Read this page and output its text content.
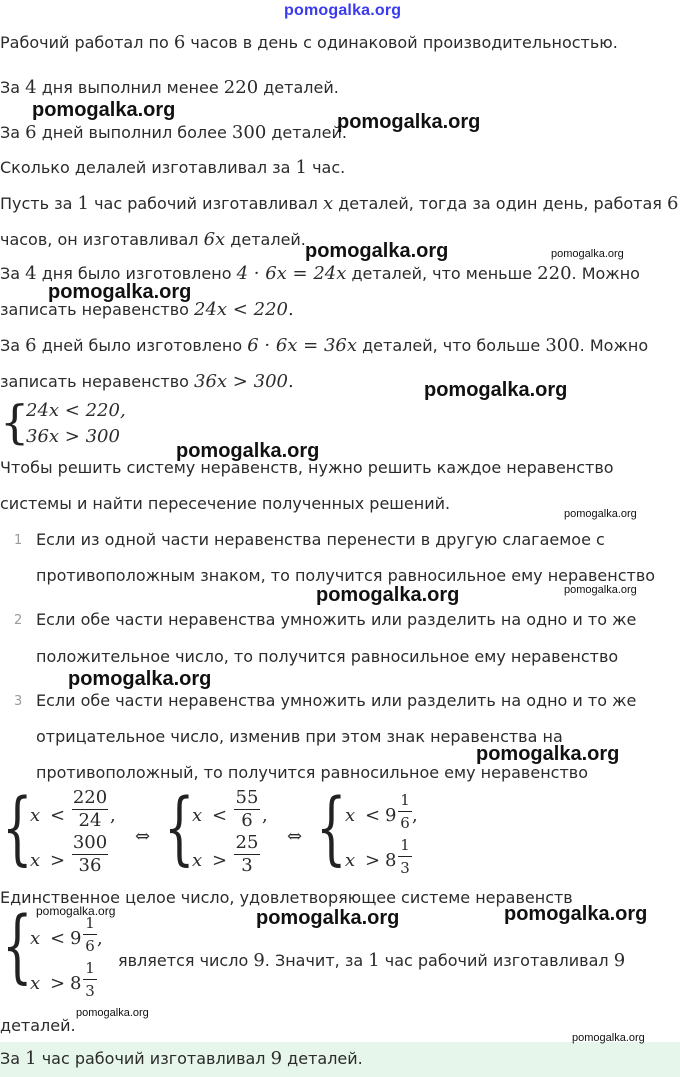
pomogalka.org
Рабочий работал по 6 часов в день с одинаковой производительностью.
За 4 дня выполнил менее 220 деталей.
За 6 дней выполнил более 300 деталей.
Сколько делалей изготавливал за 1 час.
Пусть за 1 час рабочий изготавливал x деталей, тогда за один день, работая 6
часов, он изготавливал 6x деталей.
За 4 дня было изготовлено 4 · 6x = 24x деталей, что меньше 220. Можно
записать неравенство 24x < 220.
За 6 дней было изготовлено 6 · 6x = 36x деталей, что больше 300. Можно
записать неравенство 36x > 300.
{
24x < 220,
36x > 300
Чтобы решить систему неравенств, нужно решить каждое неравенство
системы и найти пересечение полученных решений.
1 Если из одной части неравенства перенести в другую слагаемое с
противоположным знаком, то получится равносильное ему неравенство
2 Если обе части неравенства умножить или разделить на одно и то же
положительное число, то получится равносильное ему неравенство
3 Если обе части неравенства умножить или разделить на одно и то же
отрицательное число, изменив при этом знак неравенства на
противоположный, то получится равносильное ему неравенство
{
x <
220
24 ,
x >
300
36
⇔ {
x <
55
6 ,
x >
25
3
⇔ {
x < 9
1
6 ,
x > 8
1
3
Единственное целое число, удовлетворяющее системе неравенств
{
x < 9
1
6 ,
x > 8
1
3
является число 9. Значит, за 1 час рабочий изготавливал 9
деталей.
За 1 час рабочий изготавливал 9 деталей.
pomogalka.org
pomogalka.org
pomogalka.org	pomogalka.org
pomogalka.org
pomogalka.org
pomogalka.org
pomogalka.org
pomogalka.org
pomogalka.org
pomogalka.org
pomogalka.org
pomogalka.org	pomogalka.org	pomogalka.org
pomogalka.org
pomogalka.org
